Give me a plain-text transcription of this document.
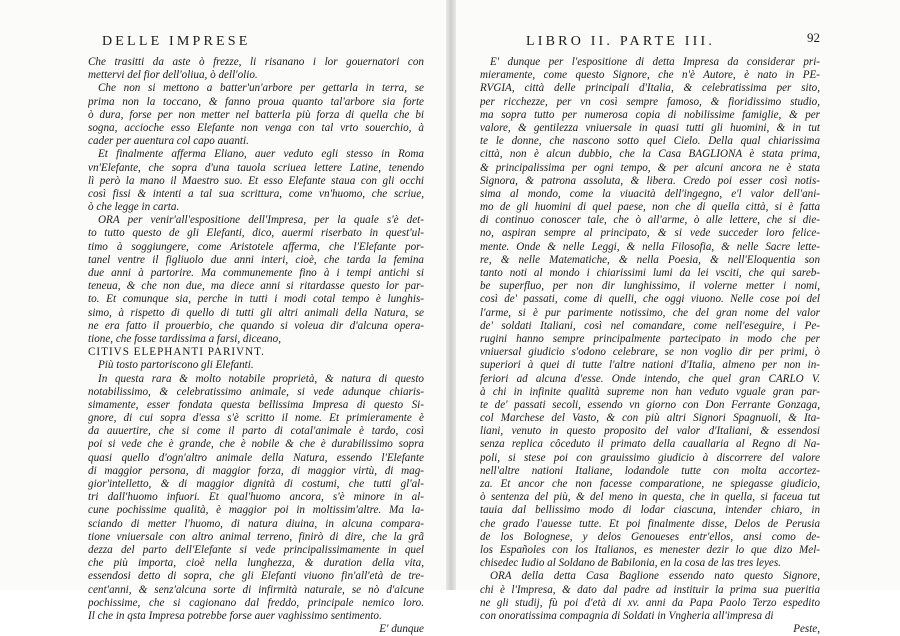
DELLE IMPRESE

Che trasitti da aste ò frezze, li risanano i lor gouernatori con

mettervi del fior dell'oliua, ò dell'olio.

Che non si mettono a batter'un'arbore per gettarla in terra, se

prima non la toccano, & fanno proua quanto tal'arbore sia forte

ò dura, forse per non metter nel batterla più forza di quella che bi

sogna, accioche esso Elefante non venga con tal vrto souerchio, à

cader per auentura col capo auanti.

Et finalmente afferma Eliano, auer veduto egli stesso in Roma

vn'Elefante, che sopra d'una tauola scriuea lettere Latine, tenendo

lì però la mano il Maestro suo. Et esso Elefante staua con gli occhi

così fissi & intenti a tal sua scrittura, come vn'huomo, che scriue,

ò che legge in carta.

ORA per venir'all'espositione dell'Impresa, per la quale s'è det-

to tutto questo de gli Elefanti, dico, auermi riserbato in quest'ul-

timo à soggiungere, come Aristotele afferma, che l'Elefante por-

tanel ventre il figliuolo due anni interi, cioè, che tarda la femina

due anni à partorire. Ma communemente fino à i tempi antichi si

teneua, & che non due, ma diece anni si ritardasse questo lor par-

to. Et comunque sia, perche in tutti i modi cotal tempo è lunghis-

simo, à rispetto di quello di tutti gli altri animali della Natura, se

ne era fatto il prouerbio, che quando si voleua dir d'alcuna opera-

tione, che fosse tardissima a farsi, diceano,

CITIVS ELEPHANTI PARIVNT.

Più tosto partoriscono gli Elefanti.

In questa rara & molto notabile proprietà, & natura di questo

notabilissimo, & celebratissimo animale, si vede adunque chiaris-

simamente, esser fondata questa bellissima Impresa di questo Si-

gnore, di cui sopra d'essa s'è scritto il nome. Et primieramente è

da auuertire, che si come il parto di cotal'animale è tardo, così

poi si vede che è grande, che è nobile & che è durabilissimo sopra

quasi quello d'ogn'altro animale della Natura, essendo l'Elefante

di maggior persona, di maggior forza, di maggior virtù, di mag-

gior'intelletto, & di maggior dignità di costumi, che tutti gl'al-

tri dall'huomo infuori. Et qual'huomo ancora, s'è minore in al-

cune pochissime qualità, è maggior poi in moltissim'altre. Ma la-

sciando di metter l'huomo, di natura diuina, in alcuna compara-

tione vniuersale con altro animal terreno, finirò di dire, che la grã

dezza del parto dell'Elefante si vede principalissimamente in quel

che più importa, cioè nella lunghezza, & duration della vita,

essendosi detto di sopra, che gli Elefanti viuono fin'all'età de tre-

cent'anni, & senz'alcuna sorte di infirmità naturale, se nò d'alcune

pochissime, che si cagionano dal freddo, principale nemico loro.

Il che in qsta Impresa potrebbe forse auer vaghissimo sentimento.

E' dunque

LIBRO II. PARTE III.	92

E' dunque per l'espositione di detta Impresa da considerar pri-

mieramente, come questo Signore, che n'è Autore, è nato in PE-

RVGIA, città delle principali d'Italia, & celebratissima per sito,

per ricchezze, per vn così sempre famoso, & fioridissimo studio,

ma sopra tutto per numerosa copia di nobilissime famiglie, & per

valore, & gentilezza vniuersale in quasi tutti gli huomini, & in tut

te le donne, che nascono sotto quel Cielo. Della qual chiarissima

città, non è alcun dubbio, che la Casa BAGLIONA è stata prima,

& principalissima per ogni tempo, & per alcuni ancora ne è stata

Signora, & patrona assoluta, & libera. Credo poi esser così notis-

sima al mondo, come la viuacità dell'ingegno, e'l valor dell'ani-

mo de gli huomini di quel paese, non che di quella città, si è fatta

di continuo conoscer tale, che ò all'arme, ò alle lettere, che si die-

no, aspiran sempre al principato, & si vede succeder loro felice-

mente. Onde & nelle Leggi, & nella Filosofia, & nelle Sacre lette-

re, & nelle Matematiche, & nella Poesia, & nell'Eloquentia son

tanto noti al mondo i chiarissimi lumi da lei vsciti, che qui sareb-

be superfluo, per non dir lunghissimo, il volerne metter i nomi,

così de' passati, come di quelli, che oggi viuono. Nelle cose poi del

l'arme, si è pur parimente notissimo, che del gran nome del valor

de' soldati Italiani, così nel comandare, come nell'eseguire, i Pe-

rugini hanno sempre principalmente partecipato in modo che per

vniuersal giudicio s'odono celebrare, se non voglio dir per primi, ò

superiori à quei di tutte l'altre nationi d'Italia, almeno per non in-

feriori ad alcuna d'esse. Onde intendo, che quel gran CARLO V.

à chi in infinite qualità supreme non han veduto vguale gran par-

te de' passati secoli, essendo vn giorno con Don Ferrante Gonzaga,

col Marchese del Vasto, & con più altri Signori Spagnuoli, & Ita-

liani, venuto in questo proposito del valor d'Italiani, & essendosi

senza replica côceduto il primato della cauallaria al Regno di Na-

poli, si stese poi con grauissimo giudicio à discorrere del valore

nell'altre nationi Italiane, lodandole tutte con molta accortez-

za. Et ancor che non facesse comparatione, ne spiegasse giudicio,

ò sentenza del più, & del meno in questa, che in quella, si faceua tut

tauia dal bellissimo modo di lodar ciascuna, intender chiaro, in

che grado l'auesse tutte. Et poi finalmente disse, Delos de Perusia

de los Bolognese, y delos Genoueses entr'ellos, ansi como de-

los Españoles con los Italianos, es menester dezir lo que dizo Mel-

chisedec Iudio al Soldano de Babilonia, en la cosa de las tres leyes.

ORA della detta Casa Baglione essendo nato questo Signore,

chi è l'Impresa, & dato dal padre ad instituir la prima sua pueritia

ne gli studij, fù poi d'età di xv. anni da Papa Paolo Terzo espedito

con onoratissima compagnia di Soldati in Vngheria all'impresa di

Peste,
